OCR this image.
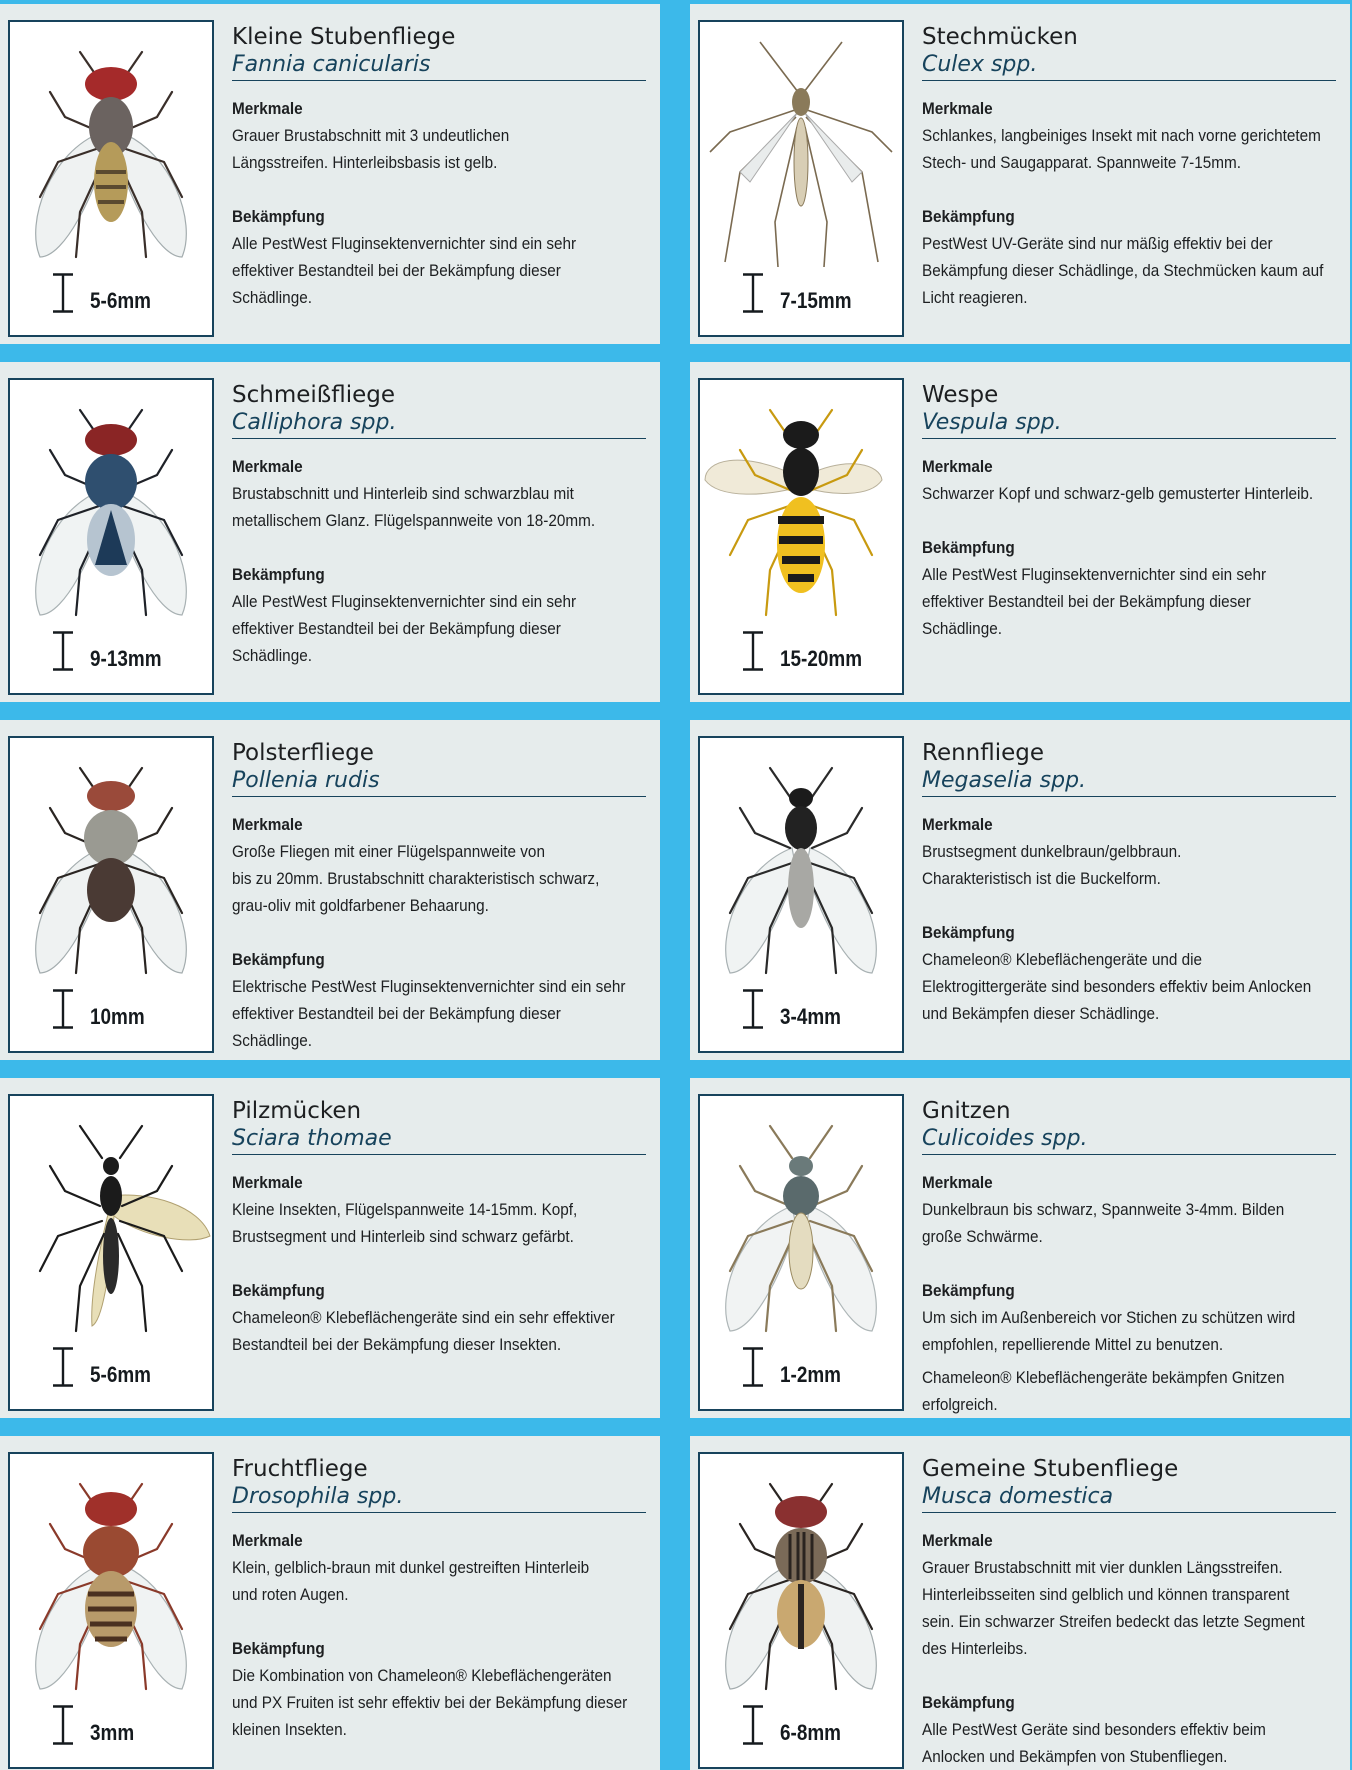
5-6mm
Kleine Stubenfliege
Fannia canicularis
Merkmale
Grauer Brustabschnitt mit 3 undeutlichen
Längsstreifen. Hinterleibsbasis ist gelb.
Bekämpfung
Alle PestWest Fluginsektenvernichter sind ein sehr
effektiver Bestandteil bei der Bekämpfung dieser
Schädlinge.	7-15mm
Stechmücken
Culex spp.
Merkmale
Schlankes, langbeiniges Insekt mit nach vorne gerichtetem
Stech- und Saugapparat. Spannweite 7-15mm.
Bekämpfung
PestWest UV-Geräte sind nur mäßig effektiv bei der
Bekämpfung dieser Schädlinge, da Stechmücken kaum auf
Licht reagieren.
9-13mm
Schmeißfliege
Calliphora spp.
Merkmale
Brustabschnitt und Hinterleib sind schwarzblau mit
metallischem Glanz. Flügelspannweite von 18-20mm.
Bekämpfung
Alle PestWest Fluginsektenvernichter sind ein sehr
effektiver Bestandteil bei der Bekämpfung dieser
Schädlinge.	15-20mm
Wespe
Vespula spp.
Merkmale
Schwarzer Kopf und schwarz-gelb gemusterter Hinterleib.
Bekämpfung
Alle PestWest Fluginsektenvernichter sind ein sehr
effektiver Bestandteil bei der Bekämpfung dieser
Schädlinge.
10mm
Polsterfliege
Pollenia rudis
Merkmale
Große Fliegen mit einer Flügelspannweite von
bis zu 20mm. Brustabschnitt charakteristisch schwarz,
grau-oliv mit goldfarbener Behaarung.
Bekämpfung
Elektrische PestWest Fluginsektenvernichter sind ein sehr
effektiver Bestandteil bei der Bekämpfung dieser
Schädlinge.
3-4mm
Rennfliege
Megaselia spp.
Merkmale
Brustsegment dunkelbraun/gelbbraun.
Charakteristisch ist die Buckelform.
Bekämpfung
Chameleon® Klebeflächengeräte und die
Elektrogittergeräte sind besonders effektiv beim Anlocken
und Bekämpfen dieser Schädlinge.
5-6mm
Pilzmücken
Sciara thomae
Merkmale
Kleine Insekten, Flügelspannweite 14-15mm. Kopf,
Brustsegment und Hinterleib sind schwarz gefärbt.
Bekämpfung
Chameleon® Klebeflächengeräte sind ein sehr effektiver
Bestandteil bei der Bekämpfung dieser Insekten.
1-2mm
Gnitzen
Culicoides spp.
Merkmale
Dunkelbraun bis schwarz, Spannweite 3-4mm. Bilden
große Schwärme.
Bekämpfung
Um sich im Außenbereich vor Stichen zu schützen wird
empfohlen, repellierende Mittel zu benutzen.
Chameleon® Klebeflächengeräte bekämpfen Gnitzen
erfolgreich.
3mm
Fruchtfliege
Drosophila spp.
Merkmale
Klein, gelblich-braun mit dunkel gestreiften Hinterleib
und roten Augen.
Bekämpfung
Die Kombination von Chameleon® Klebeflächengeräten
und PX Fruiten ist sehr effektiv bei der Bekämpfung dieser
kleinen Insekten.	6-8mm
Gemeine Stubenfliege
Musca domestica
Merkmale
Grauer Brustabschnitt mit vier dunklen Längsstreifen.
Hinterleibsseiten sind gelblich und können transparent
sein. Ein schwarzer Streifen bedeckt das letzte Segment
des Hinterleibs.
Bekämpfung
Alle PestWest Geräte sind besonders effektiv beim
Anlocken und Bekämpfen von Stubenfliegen.
